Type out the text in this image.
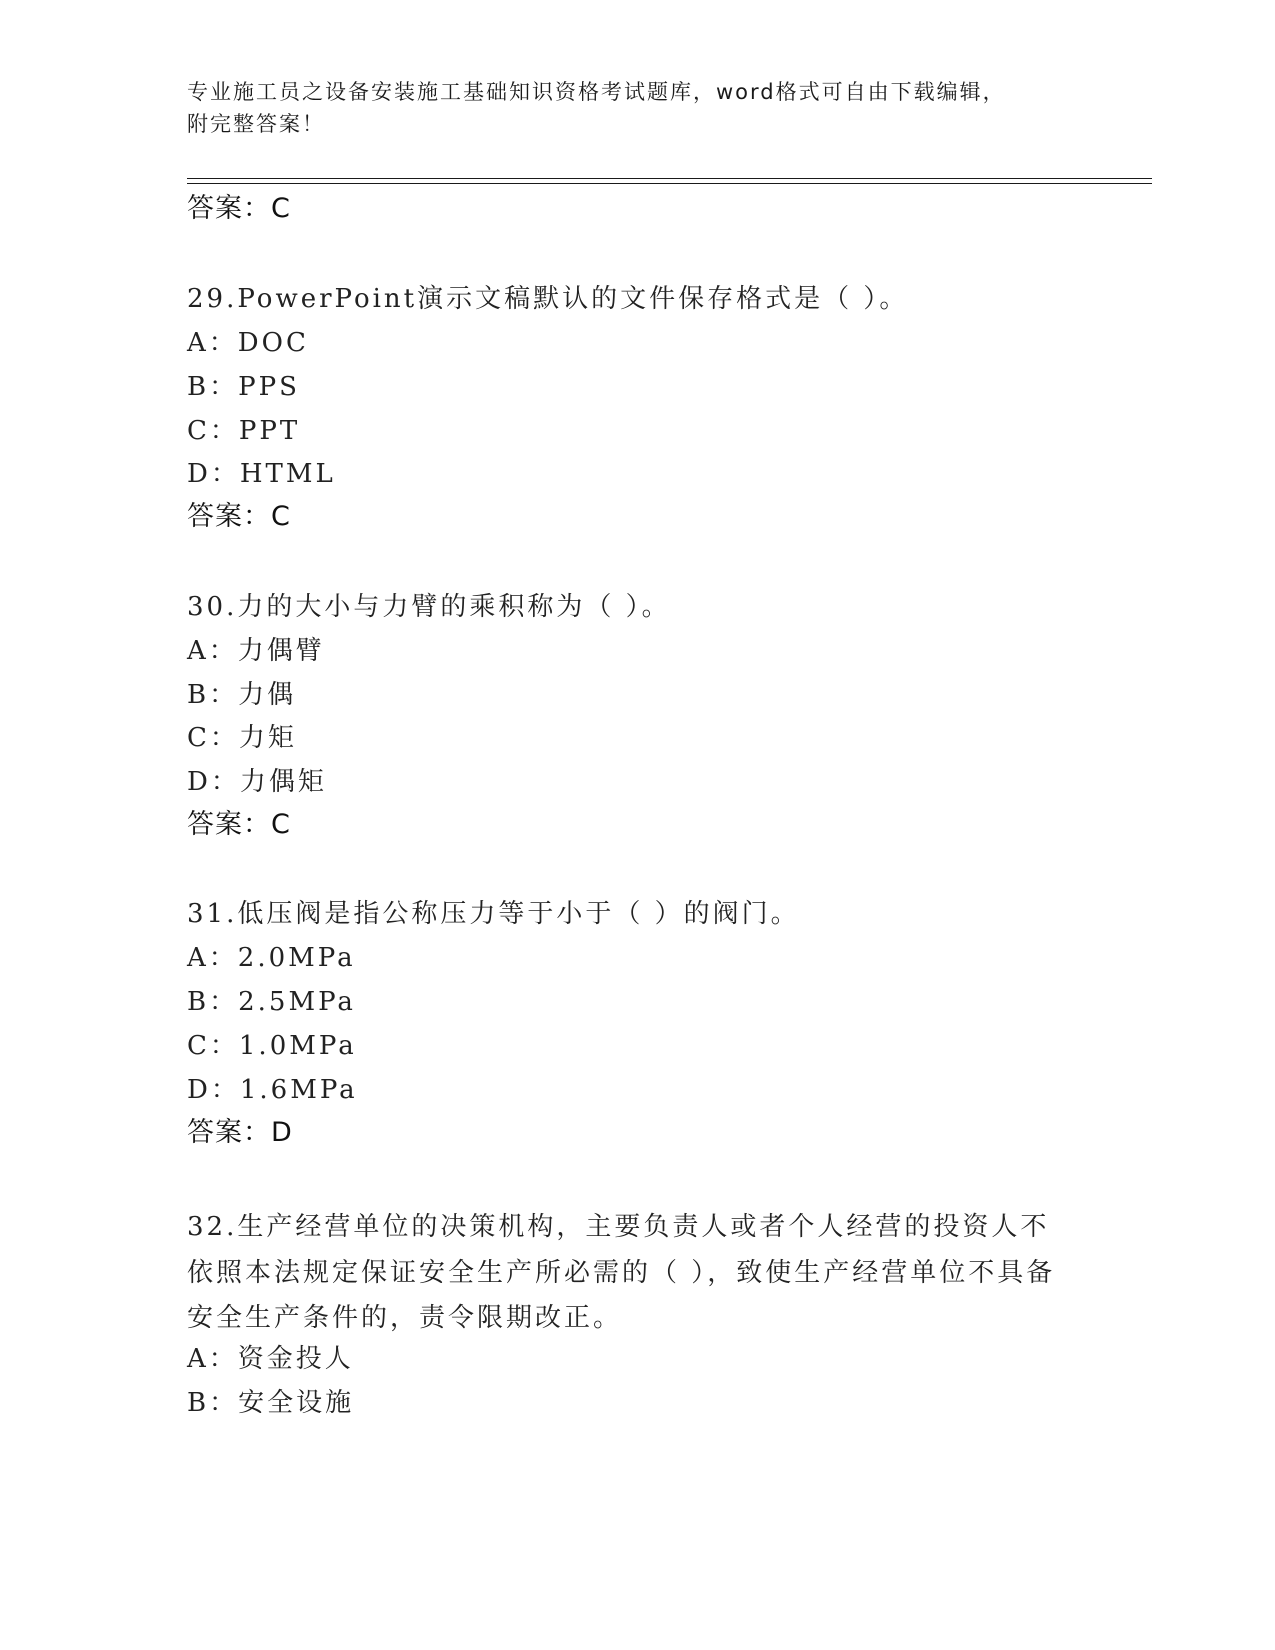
专业施工员之设备安装施工基础知识资格考试题库，word格式可自由下载编辑，
附完整答案！
答案：C
29.PowerPoint演示文稿默认的文件保存格式是（ ）。
A：DOC
B：PPS
C：PPT
D：HTML
答案：C
30.力的大小与力臂的乘积称为（ ）。
A：力偶臂
B：力偶
C：力矩
D：力偶矩
答案：C
31.低压阀是指公称压力等于小于（ ）的阀门。
A：2.0MPa
B：2.5MPa
C：1.0MPa
D：1.6MPa
答案：D
32.生产经营单位的决策机构，主要负责人或者个人经营的投资人不依照本法规定保证安全生产所必需的（ ），致使生产经营单位不具备安全生产条件的，责令限期改正。
A：资金投人
B：安全设施
